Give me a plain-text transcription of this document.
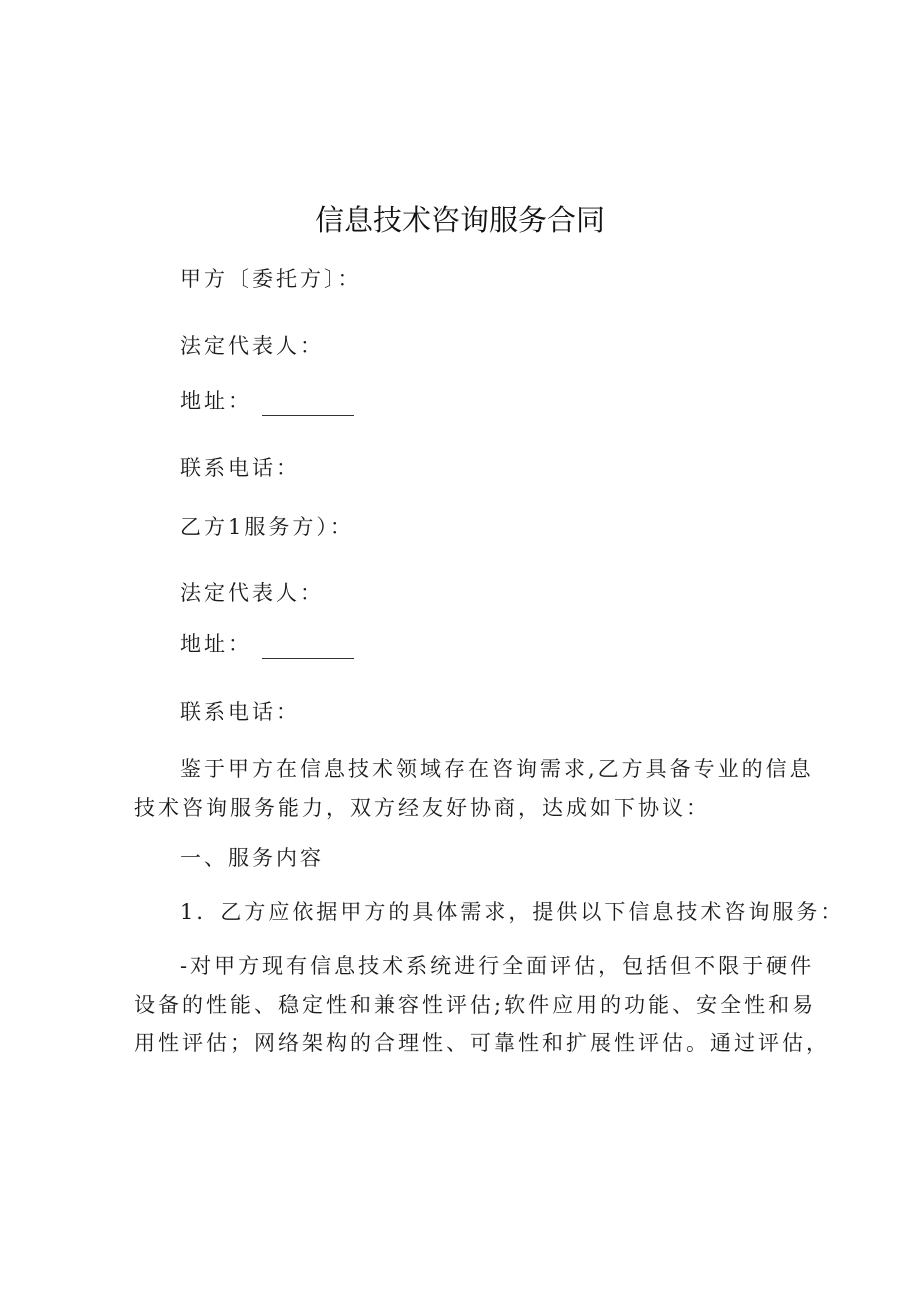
信息技术咨询服务合同

甲方〔委托方〕：

法定代表人：

地址：

联系电话：

乙方1服务方）：

法定代表人：

地址：

联系电话：

鉴于甲方在信息技术领域存在咨询需求,乙方具备专业的信息
技术咨询服务能力，双方经友好协商，达成如下协议：

一、服务内容

1．乙方应依据甲方的具体需求，提供以下信息技术咨询服务：

-对甲方现有信息技术系统进行全面评估，包括但不限于硬件
设备的性能、稳定性和兼容性评估;软件应用的功能、安全性和易
用性评估；网络架构的合理性、可靠性和扩展性评估。通过评估，
